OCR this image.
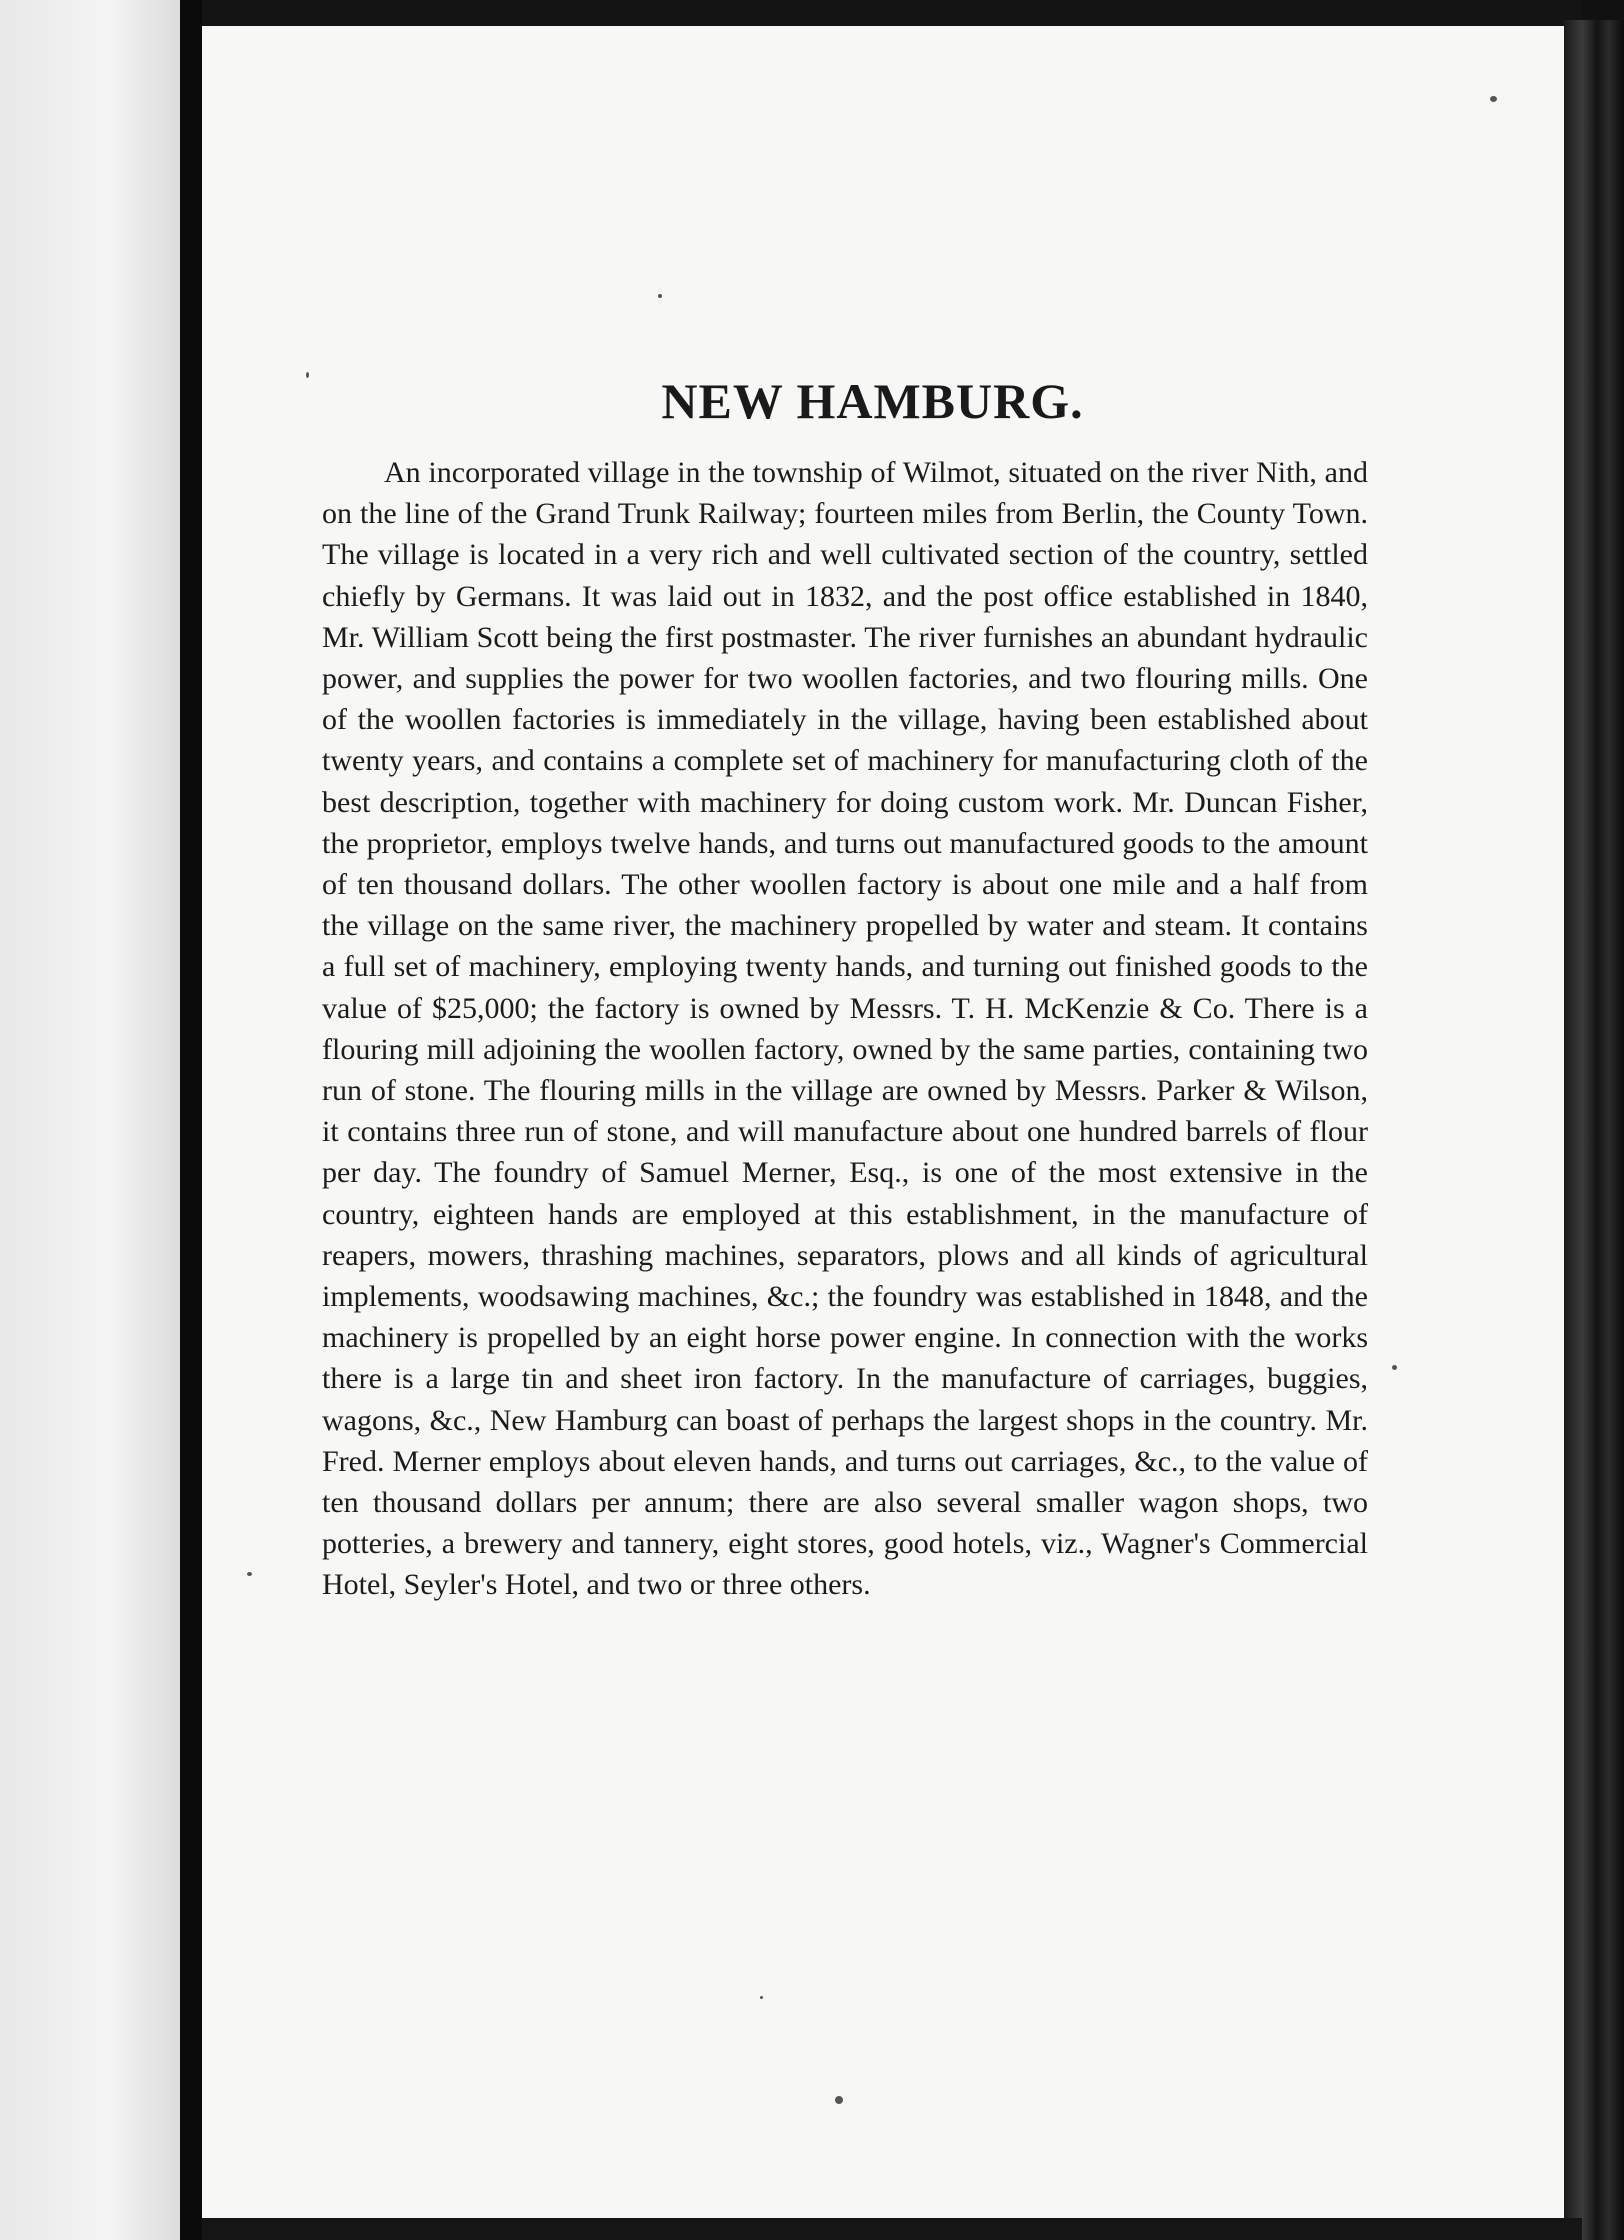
NEW HAMBURG.

An incorporated village in the township of Wilmot, situated on the river Nith, and on the line of the Grand Trunk Railway; fourteen miles from Berlin, the County Town. The village is located in a very rich and well cultivated section of the country, settled chiefly by Germans. It was laid out in 1832, and the post office established in 1840, Mr. William Scott being the first postmaster. The river furnishes an abundant hydraulic power, and supplies the power for two woollen factories, and two flouring mills. One of the woollen factories is immediately in the village, having been established about twenty years, and contains a complete set of machinery for manufacturing cloth of the best description, together with machinery for doing custom work. Mr. Duncan Fisher, the proprietor, employs twelve hands, and turns out manufactured goods to the amount of ten thousand dollars. The other woollen factory is about one mile and a half from the village on the same river, the machinery propelled by water and steam. It contains a full set of machinery, employing twenty hands, and turning out finished goods to the value of $25,000; the factory is owned by Messrs. T. H. McKenzie & Co. There is a flouring mill adjoining the woollen factory, owned by the same parties, containing two run of stone. The flouring mills in the village are owned by Messrs. Parker & Wilson, it contains three run of stone, and will manufacture about one hundred barrels of flour per day. The foundry of Samuel Merner, Esq., is one of the most extensive in the country, eighteen hands are employed at this establishment, in the manufacture of reapers, mowers, thrashing machines, separators, plows and all kinds of agricultural implements, woodsawing machines, &c.; the foundry was established in 1848, and the machinery is propelled by an eight horse power engine. In connection with the works there is a large tin and sheet iron factory. In the manufacture of carriages, buggies, wagons, &c., New Hamburg can boast of perhaps the largest shops in the country. Mr. Fred. Merner employs about eleven hands, and turns out carriages, &c., to the value of ten thousand dollars per annum; there are also several smaller wagon shops, two potteries, a brewery and tannery, eight stores, good hotels, viz., Wagner's Commercial Hotel, Seyler's Hotel, and two or three others.
